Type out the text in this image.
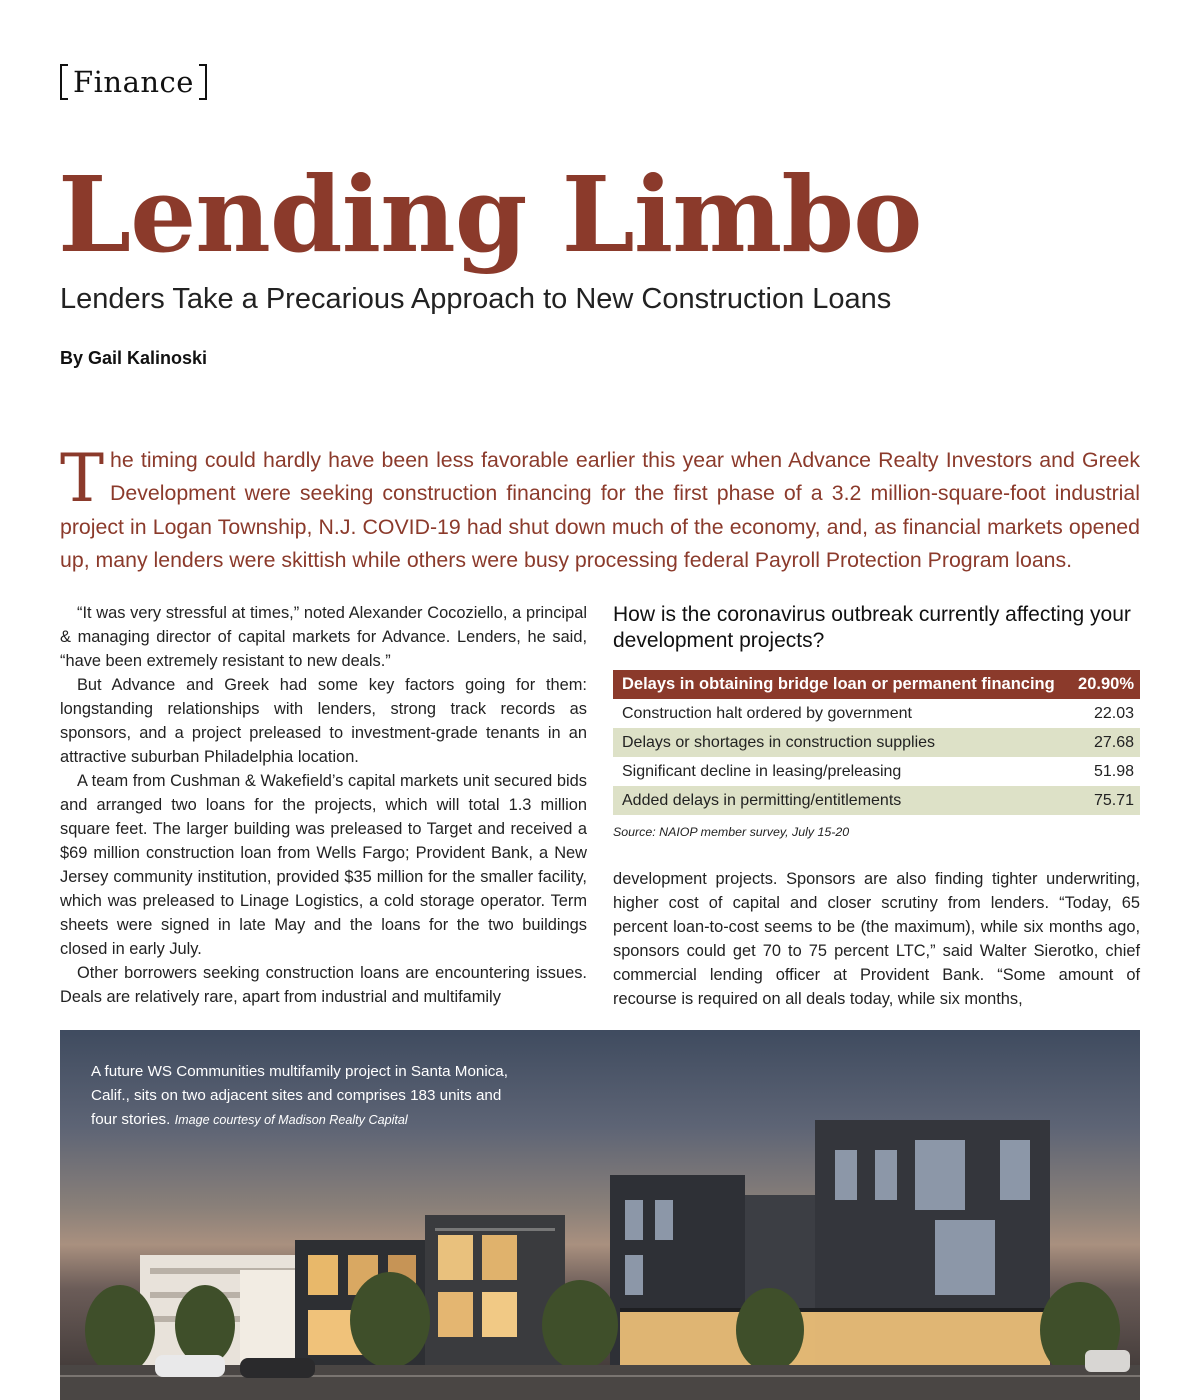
Finance
Lending Limbo
Lenders Take a Precarious Approach to New Construction Loans
By Gail Kalinoski

The timing could hardly have been less favorable earlier this year when Advance Realty Investors and Greek Development were seeking construction financing for the first phase of a 3.2 million-square-foot industrial project in Logan Township, N.J. COVID-19 had shut down much of the economy, and, as financial markets opened up, many lenders were skittish while others were busy processing federal Payroll Protection Program loans.

“It was very stressful at times,” noted Alexander Cocoziello, a principal & managing director of capital markets for Advance. Lenders, he said, “have been extremely resistant to new deals.”

But Advance and Greek had some key factors going for them: longstanding relationships with lenders, strong track records as sponsors, and a project preleased to investment-grade tenants in an attractive suburban Philadelphia location.

A team from Cushman & Wakefield’s capital markets unit secured bids and arranged two loans for the projects, which will total 1.3 million square feet. The larger building was preleased to Target and received a $69 million construction loan from Wells Fargo; Provident Bank, a New Jersey community institution, provided $35 million for the smaller facility, which was preleased to Linage Logistics, a cold storage operator. Term sheets were signed in late May and the loans for the two buildings closed in early July.

Other borrowers seeking construction loans are encountering issues. Deals are relatively rare, apart from industrial and multifamily

How is the coronavirus outbreak currently affecting your development projects?
Delays in obtaining bridge loan or permanent financing	20.90%
Construction halt ordered by government	22.03
Delays or shortages in construction supplies	27.68
Significant decline in leasing/preleasing	51.98
Added delays in permitting/entitlements	75.71
Source: NAIOP member survey, July 15-20

development projects. Sponsors are also finding tighter underwriting, higher cost of capital and closer scrutiny from lenders. “Today, 65 percent loan-to-cost seems to be (the maximum), while six months ago, sponsors could get 70 to 75 percent LTC,” said Walter Sierotko, chief commercial lending officer at Provident Bank. “Some amount of recourse is required on all deals today, while six months,

A future WS Communities multifamily project in Santa Monica, Calif., sits on two adjacent sites and comprises 183 units and four stories. Image courtesy of Madison Realty Capital
